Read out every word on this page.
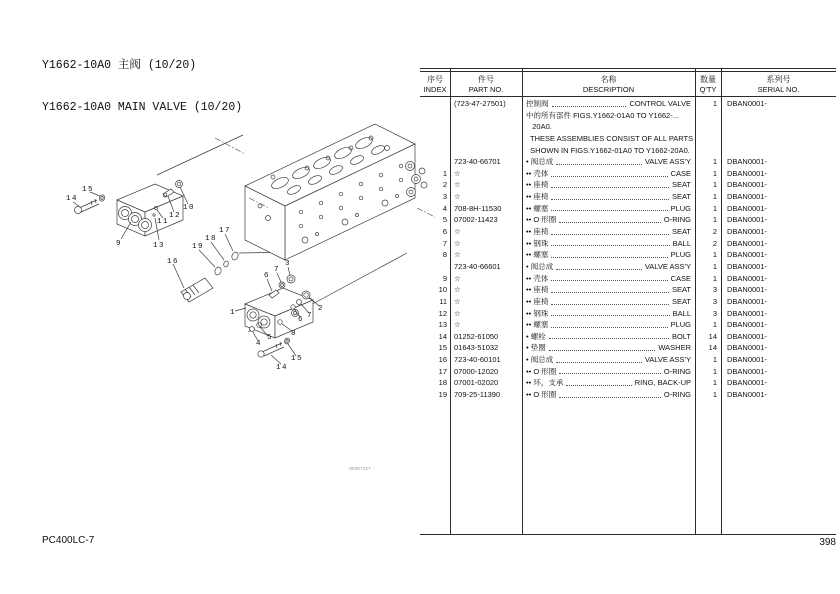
Y1662-10A0 主阀 (10/20)

Y1662-10A0 MAIN VALVE (10/20)

14
15
9	13
11
12
10
16
19
18
17
1
6
7
3
2
7
6
4
5 8
15
14
00307227
序号
INDEX
件号
PART NO.
名称
DESCRIPTION
数量
Q'TY
系列号
SERIAL NO.
(723-47-27501)	控制阀	CONTROL VALVE	1	DBAN0001-
中的所有部件 FIGS.Y1662-01A0 TO Y1662-...
20A0.
THESE ASSEMBLIES CONSIST OF ALL PARTS
SHOWN IN FIGS.Y1662-01A0 TO Y1662-20A0.
723-40-66701	• 阀总成	VALVE ASS'Y	1	DBAN0001-
1 ☆	•• 壳体	CASE	1	DBAN0001-
2 ☆	•• 座椅	SEAT	1	DBAN0001-
3 ☆	•• 座椅	SEAT	1	DBAN0001-
4 708-8H-11530	•• 螺塞	PLUG	1	DBAN0001-
5 07002-11423	•• O 形圈	O-RING	1	DBAN0001-
6 ☆	•• 座椅	SEAT	2	DBAN0001-
7 ☆	•• 钢珠	BALL	2	DBAN0001-
8 ☆	•• 螺塞	PLUG	1	DBAN0001-
723-40-66601	• 阀总成	VALVE ASS'Y	1	DBAN0001-
9 ☆	•• 壳体	CASE	1	DBAN0001-
10 ☆	•• 座椅	SEAT	3	DBAN0001-
11 ☆	•• 座椅	SEAT	3	DBAN0001-
12 ☆	•• 钢珠	BALL	3	DBAN0001-
13 ☆	•• 螺塞	PLUG	1	DBAN0001-
14 01252-61050	• 螺栓	BOLT	14	DBAN0001-
15 01643-51032	• 垫圈	WASHER	14	DBAN0001-
16 723-40-60101	• 阀总成	VALVE ASS'Y	1	DBAN0001-
17 07000-12020	•• O 形圈	O-RING	1	DBAN0001-
18 07001-02020	•• 环，支承	RING, BACK-UP	1	DBAN0001-
19 709-25-11390	•• O 形圈	O-RING	1	DBAN0001-
PC400LC-7	398
